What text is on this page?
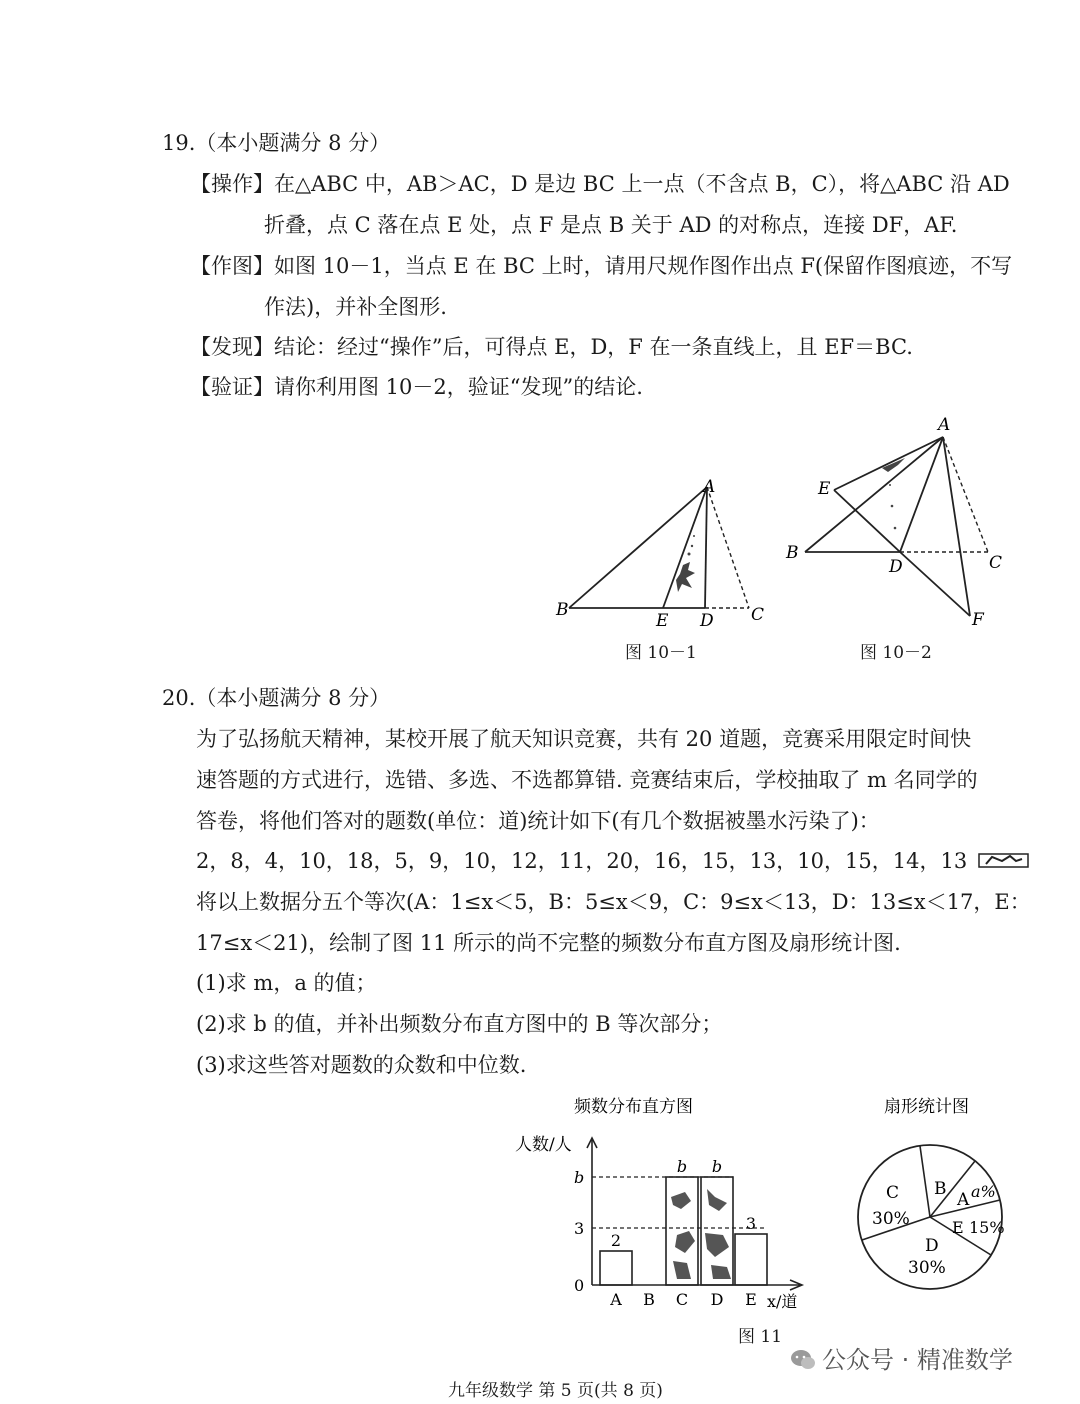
19.（本小题满分 8 分）
【操作】在△ABC 中，AB＞AC，D 是边 BC 上一点（不含点 B，C），将△ABC 沿 AD
折叠，点 C 落在点 E 处，点 F 是点 B 关于 AD 的对称点，连接 DF，AF.
【作图】如图 10－1，当点 E 在 BC 上时，请用尺规作图作出点 F(保留作图痕迹，不写
作法)，并补全图形.
【发现】结论：经过“操作”后，可得点 E，D，F 在一条直线上，且 EF＝BC.
【验证】请你利用图 10－2，验证“发现”的结论.
A
B
E D C
图 10－1
A
E
B
D	C
F
图 10－2
20.（本小题满分 8 分）
为了弘扬航天精神，某校开展了航天知识竞赛，共有 20 道题，竞赛采用限定时间快
速答题的方式进行，选错、多选、不选都算错. 竞赛结束后，学校抽取了 m 名同学的
答卷，将他们答对的题数(单位：道)统计如下(有几个数据被墨水污染了)：
2，8，4，10，18，5，9，10，12，11，20，16，15，13，10，15，14，13
将以上数据分五个等次(A：1≤x＜5，B：5≤x＜9，C：9≤x＜13，D：13≤x＜17，E：
17≤x＜21)，绘制了图 11 所示的尚不完整的频数分布直方图及扇形统计图.
(1)求 m，a 的值；
(2)求 b 的值，并补出频数分布直方图中的 B 等次部分；
(3)求这些答对题数的众数和中位数.
频数分布直方图
人数/人
0
3
b
2
b b
3
A B C D E x/道
图 11
扇形统计图
C
30%
B
A a%
E 15%
D
30%
公众号 · 精准数学
九年级数学 第 5 页(共 8 页)
